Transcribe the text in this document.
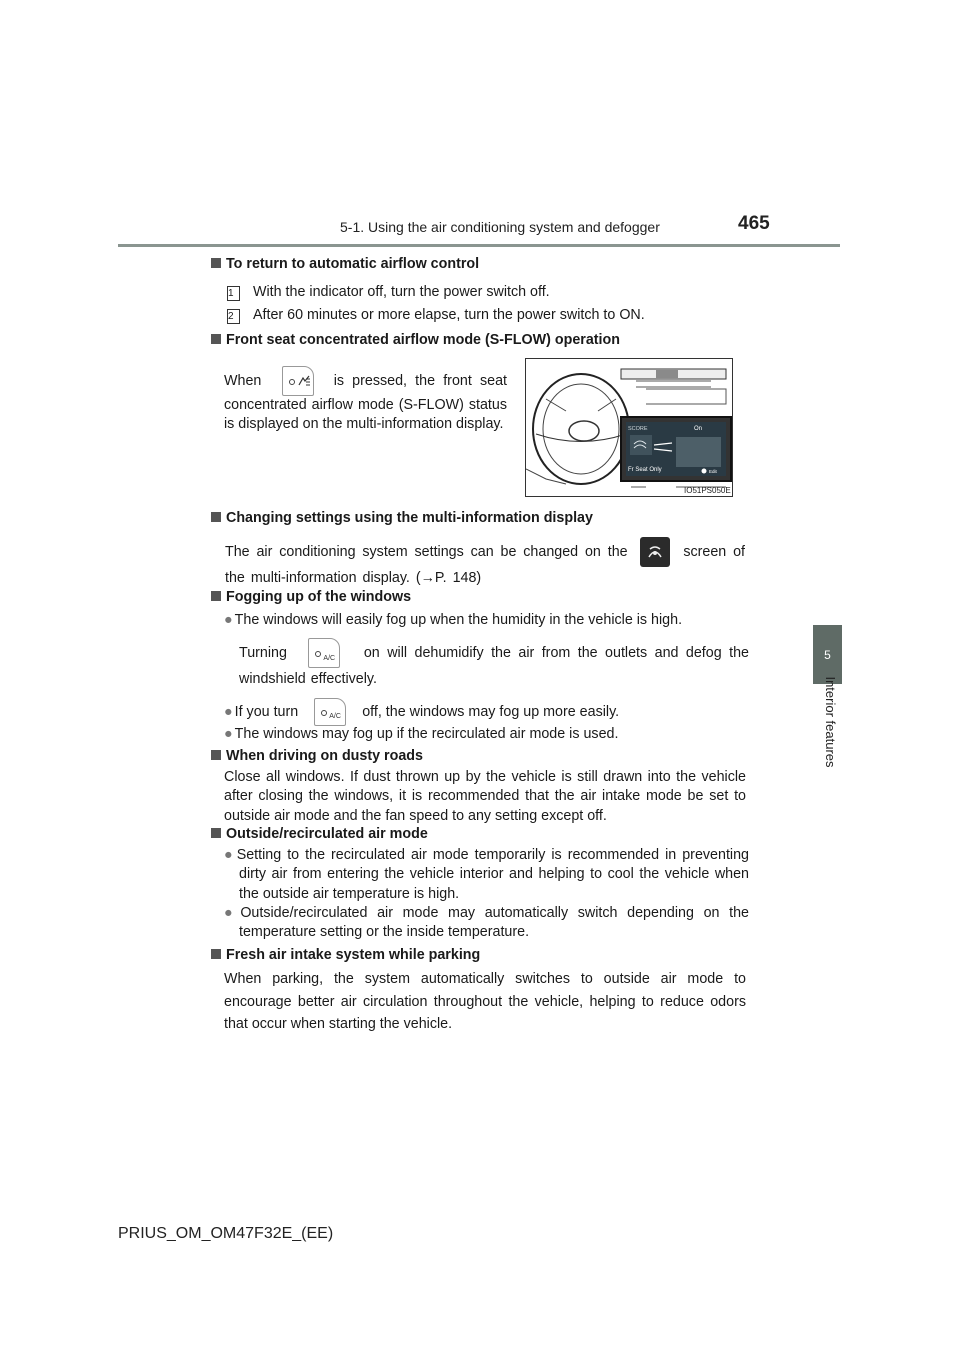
5-1. Using the air conditioning system and defogger	465
5
Interior features
To return to automatic airflow control
1 With the indicator off, turn the power switch off.
2 After 60 minutes or more elapse, turn the power switch to ON.
Front seat concentrated airflow mode (S-FLOW) operation
When	is pressed, the front seat concentrated airflow mode (S-FLOW) status is displayed on the multi-information display.	SCORE	On
Fr Seat Only	Edit
IO51PS050E
Changing settings using the multi-information display
The air conditioning system settings can be changed on the	screen of the multi-information display. (→P. 148)
Fogging up of the windows
● The windows will easily fog up when the humidity in the vehicle is high.
Turning	A/C on will dehumidify the air from the outlets and defog the windshield effectively.
● If you turn	A/C off, the windows may fog up more easily.
● The windows may fog up if the recirculated air mode is used.
When driving on dusty roads
Close all windows. If dust thrown up by the vehicle is still drawn into the vehicle after closing the windows, it is recommended that the air intake mode be set to outside air mode and the fan speed to any setting except off.
Outside/recirculated air mode
● Setting to the recirculated air mode temporarily is recommended in preventing dirty air from entering the vehicle interior and helping to cool the vehicle when the outside air temperature is high.
● Outside/recirculated air mode may automatically switch depending on the temperature setting or the inside temperature.
Fresh air intake system while parking
When parking, the system automatically switches to outside air mode to encourage better air circulation throughout the vehicle, helping to reduce odors that occur when starting the vehicle.
PRIUS_OM_OM47F32E_(EE)
